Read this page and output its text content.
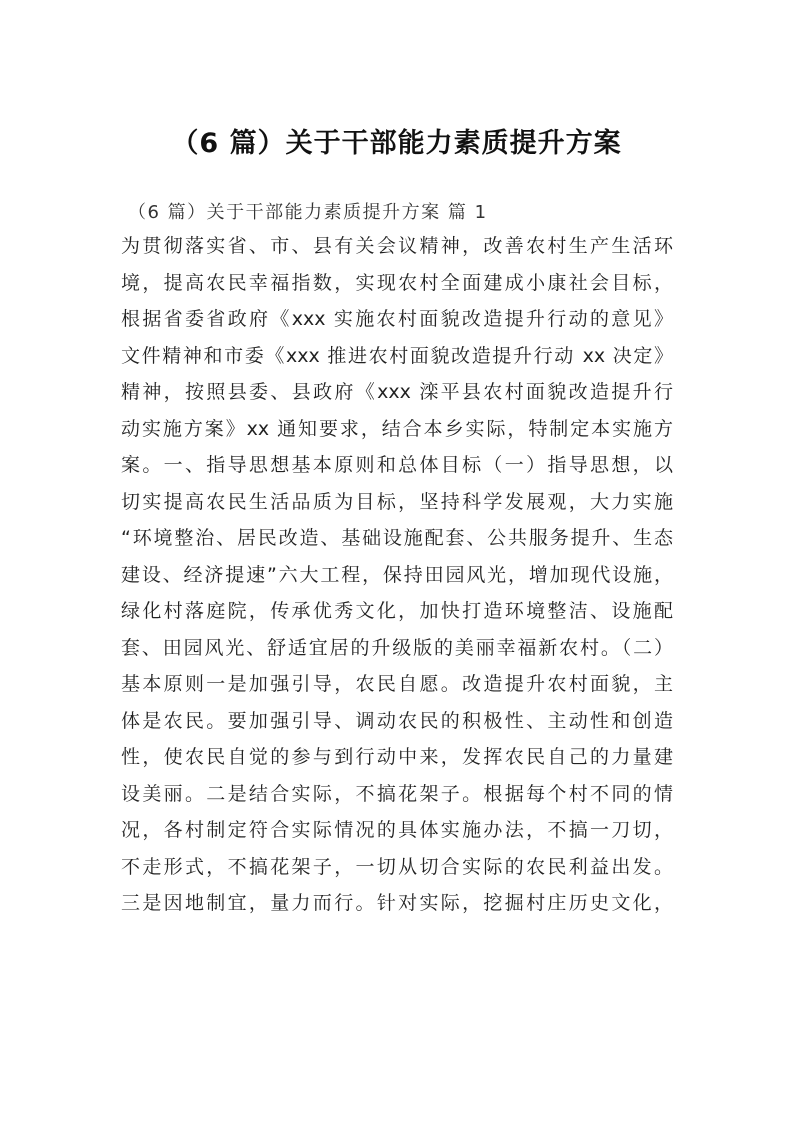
（6 篇）关于干部能力素质提升方案
（6 篇）关于干部能力素质提升方案 篇 1
为贯彻落实省、市、县有关会议精神，改善农村生产生活环
境，提高农民幸福指数，实现农村全面建成小康社会目标，
根据省委省政府《xxx 实施农村面貌改造提升行动的意见》
文件精神和市委《xxx 推进农村面貌改造提升行动 xx 决定》
精神，按照县委、县政府《xxx 滦平县农村面貌改造提升行
动实施方案》xx 通知要求，结合本乡实际，特制定本实施方
案。一、指导思想基本原则和总体目标（一）指导思想，以
切实提高农民生活品质为目标，坚持科学发展观，大力实施
“环境整治、居民改造、基础设施配套、公共服务提升、生态
建设、经济提速”六大工程，保持田园风光，增加现代设施，
绿化村落庭院，传承优秀文化，加快打造环境整洁、设施配
套、田园风光、舒适宜居的升级版的美丽幸福新农村。（二）
基本原则一是加强引导，农民自愿。改造提升农村面貌，主
体是农民。要加强引导、调动农民的积极性、主动性和创造
性，使农民自觉的参与到行动中来，发挥农民自己的力量建
设美丽。二是结合实际，不搞花架子。根据每个村不同的情
况，各村制定符合实际情况的具体实施办法，不搞一刀切，
不走形式，不搞花架子，一切从切合实际的农民利益出发。
三是因地制宜，量力而行。针对实际，挖掘村庄历史文化，
